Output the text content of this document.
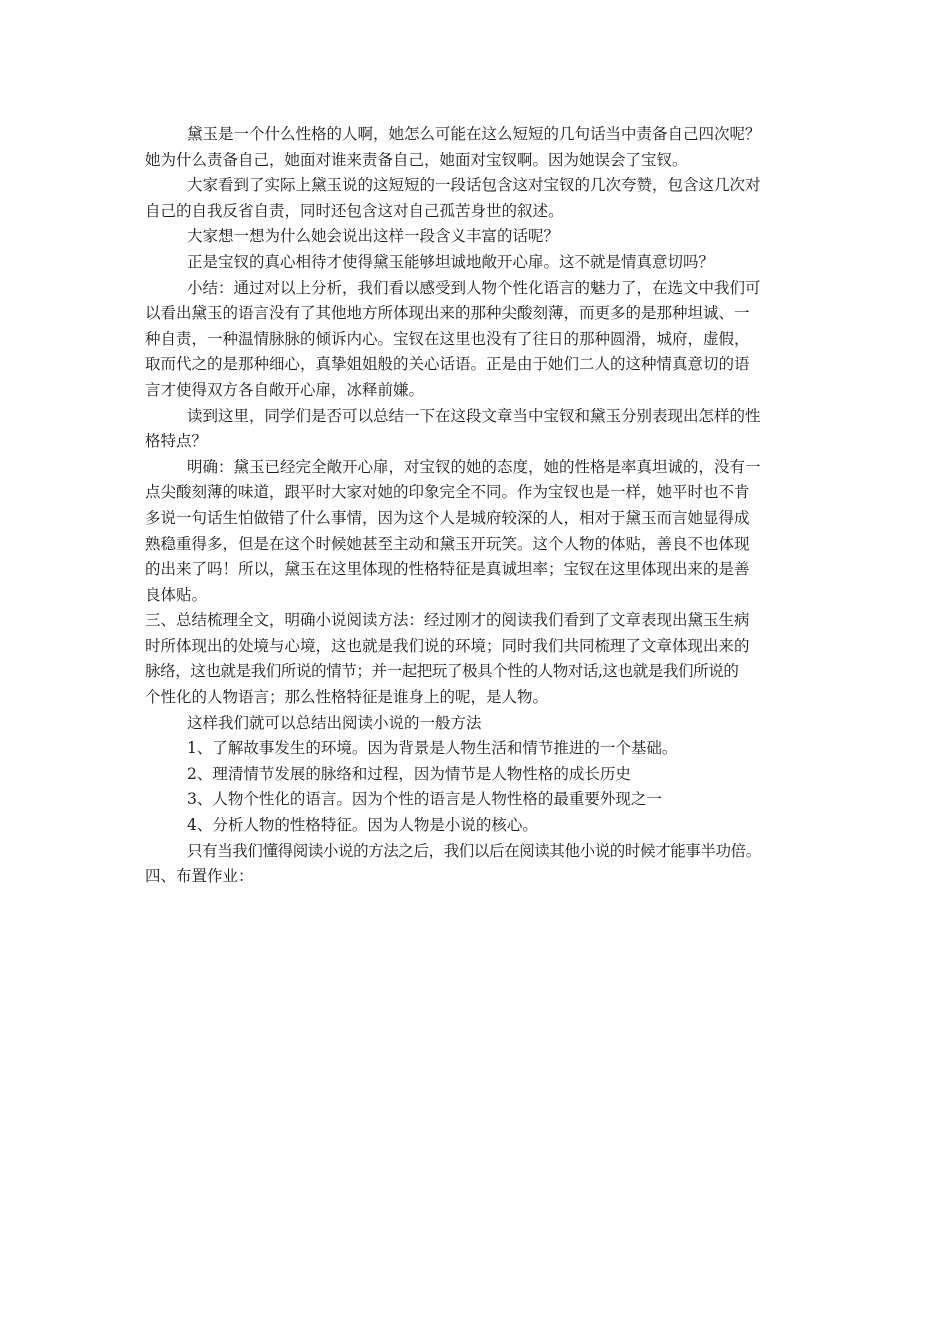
黛玉是一个什么性格的人啊，她怎么可能在这么短短的几句话当中责备自己四次呢？
她为什么责备自己，她面对谁来责备自己，她面对宝钗啊。因为她误会了宝钗。
大家看到了实际上黛玉说的这短短的一段话包含这对宝钗的几次夸赞，包含这几次对
自己的自我反省自责，同时还包含这对自己孤苦身世的叙述。
大家想一想为什么她会说出这样一段含义丰富的话呢？
正是宝钗的真心相待才使得黛玉能够坦诚地敞开心扉。这不就是情真意切吗？
小结：通过对以上分析，我们看以感受到人物个性化语言的魅力了，在选文中我们可
以看出黛玉的语言没有了其他地方所体现出来的那种尖酸刻薄，而更多的是那种坦诚、一
种自责，一种温情脉脉的倾诉内心。宝钗在这里也没有了往日的那种圆滑，城府，虚假，
取而代之的是那种细心，真挚姐姐般的关心话语。正是由于她们二人的这种情真意切的语
言才使得双方各自敞开心扉，冰释前嫌。
读到这里，同学们是否可以总结一下在这段文章当中宝钗和黛玉分别表现出怎样的性
格特点？
明确：黛玉已经完全敞开心扉，对宝钗的她的态度，她的性格是率真坦诚的，没有一
点尖酸刻薄的味道，跟平时大家对她的印象完全不同。作为宝钗也是一样，她平时也不肯
多说一句话生怕做错了什么事情，因为这个人是城府较深的人，相对于黛玉而言她显得成
熟稳重得多，但是在这个时候她甚至主动和黛玉开玩笑。这个人物的体贴，善良不也体现
的出来了吗！所以，黛玉在这里体现的性格特征是真诚坦率；宝钗在这里体现出来的是善
良体贴。
三、总结梳理全文，明确小说阅读方法：经过刚才的阅读我们看到了文章表现出黛玉生病
时所体现出的处境与心境，这也就是我们说的环境；同时我们共同梳理了文章体现出来的
脉络，这也就是我们所说的情节；并一起把玩了极具个性的人物对话,这也就是我们所说的
个性化的人物语言；那么性格特征是谁身上的呢，是人物。
这样我们就可以总结出阅读小说的一般方法
1、了解故事发生的环境。因为背景是人物生活和情节推进的一个基础。
2、理清情节发展的脉络和过程，因为情节是人物性格的成长历史
3、人物个性化的语言。因为个性的语言是人物性格的最重要外现之一
4、分析人物的性格特征。因为人物是小说的核心。
只有当我们懂得阅读小说的方法之后，我们以后在阅读其他小说的时候才能事半功倍。
四、布置作业：
